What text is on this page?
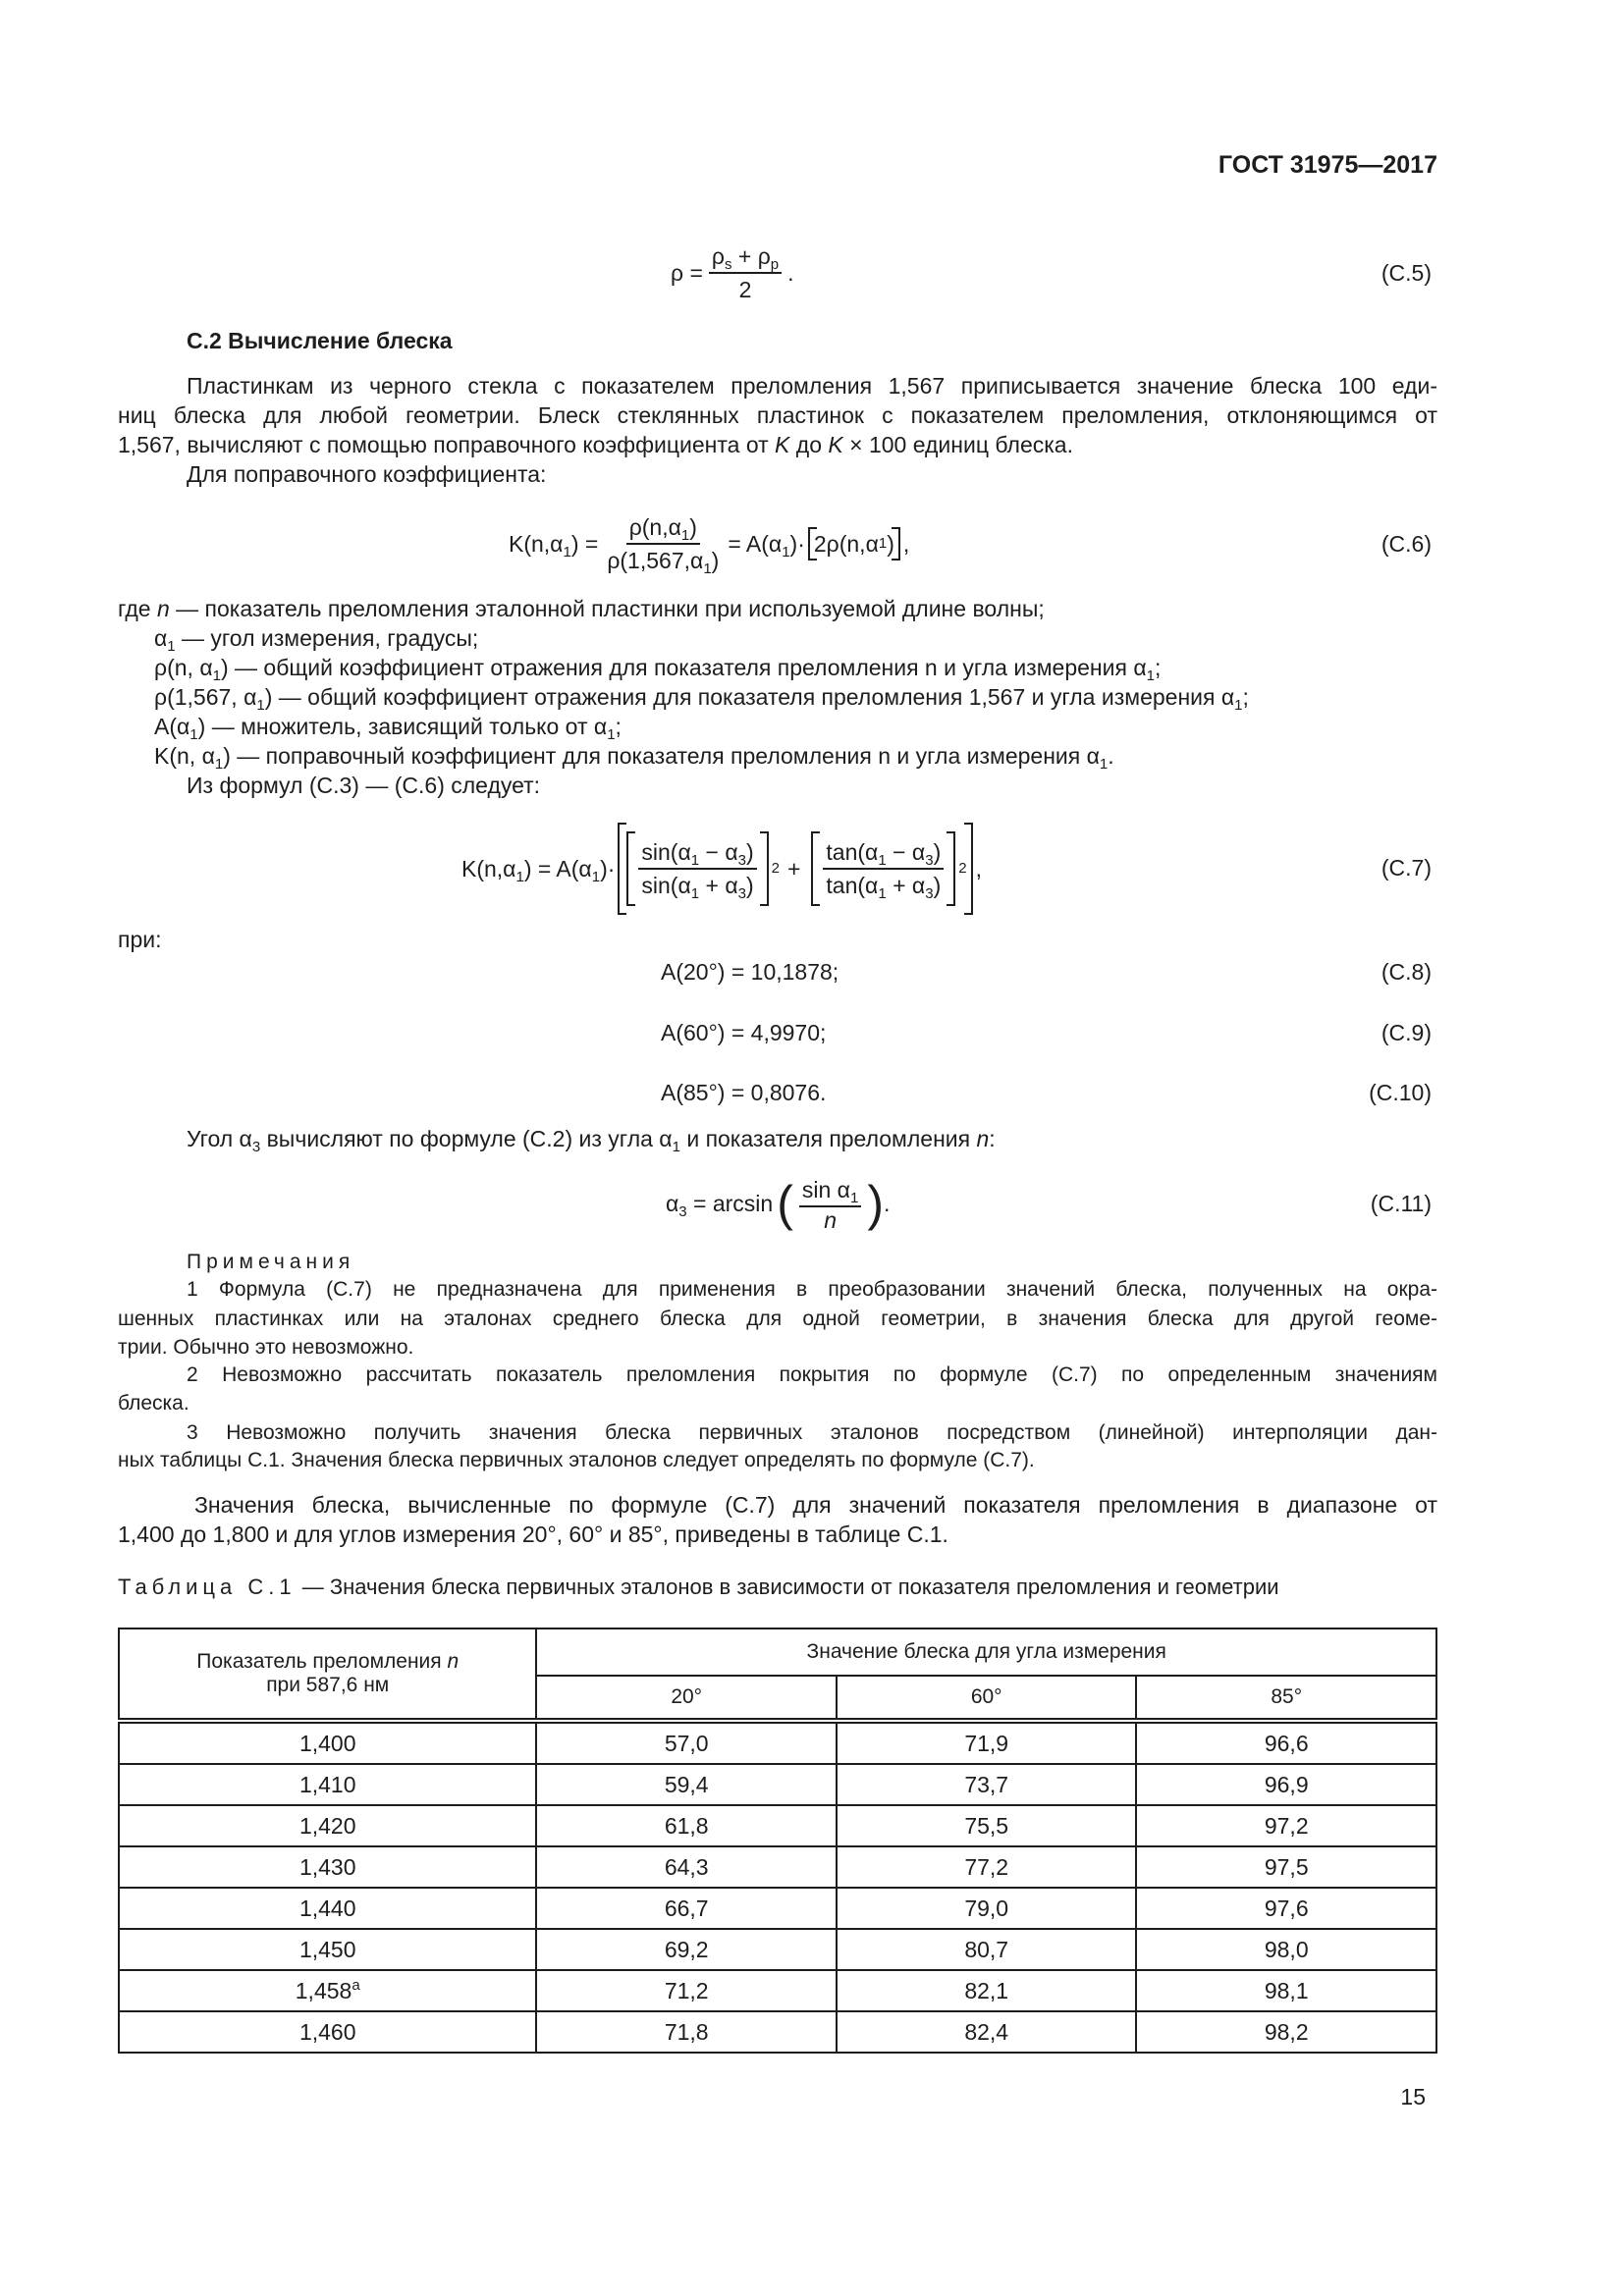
ГОСТ 31975—2017
$\rho = \frac{\rho_s + \rho_p}{2}$ .	(С.5)
С.2 Вычисление блеска
Пластинкам из черного стекла с показателем преломления 1,567 приписывается значение блеска 100 еди-
ниц блеска для любой геометрии. Блеск стеклянных пластинок с показателем преломления, отклоняющимся от
1,567, вычисляют с помощью поправочного коэффициента от K до K × 100 единиц блеска.
Для поправочного коэффициента:
$K(n,\alpha_1) = \frac{\rho(n,\alpha_1)}{\rho(1,567,\alpha_1)} = A(\alpha_1)\cdot 2\rho(n,\alpha$ 1 ) ,	(С.6)
где n — показатель преломления эталонной пластинки при используемой длине волны;
$\alpha_1$ — угол измерения, градусы;
ρ(n, $\alpha_1$) — общий коэффициент отражения для показателя преломления n и угла измерения $\alpha_1$;
ρ(1,567, $\alpha_1$) — общий коэффициент отражения для показателя преломления 1,567 и угла измерения $\alpha_1$;
$A(\alpha_1)$ — множитель, зависящий только от $\alpha_1$;
K(n, $\alpha_1$) — поправочный коэффициент для показателя преломления n и угла измерения $\alpha_1$.
Из формул (С.3) — (С.6) следует:
$K(n,\alpha_1) = A(\alpha_1)\cdot \frac{\sin(\alpha_1 - \alpha_3)}{\sin(\alpha_1 + \alpha_3)} 2 + \frac{\tan(\alpha_1 - \alpha_3)}{\tan(\alpha_1 + \alpha_3)} 2$ ,	(С.7)
при:
A(20°) = 10,1878;	(С.8)
A(60°) = 4,9970;	(С.9)
A(85°) = 0,8076.	(С.10)
Угол $\alpha_3$ вычисляют по формуле (С.2) из угла $\alpha_1$ и показателя преломления n:
$\alpha_3 = \arcsin$ ( $\frac{\sin \alpha_1}{n}$ ) .	(С.11)
Примечания
1 Формула (С.7) не предназначена для применения в преобразовании значений блеска, полученных на окра-
шенных пластинках или на эталонах среднего блеска для одной геометрии, в значения блеска для другой геоме-
трии. Обычно это невозможно.
2 Невозможно рассчитать показатель преломления покрытия по формуле (С.7) по определенным значениям
блеска.
3 Невозможно получить значения блеска первичных эталонов посредством (линейной) интерполяции дан-
ных таблицы С.1. Значения блеска первичных эталонов следует определять по формуле (С.7).
Значения блеска, вычисленные по формуле (С.7) для значений показателя преломления в диапазоне от
1,400 до 1,800 и для углов измерения 20°, 60° и 85°, приведены в таблице С.1.
Таблица С.1 — Значения блеска первичных эталонов в зависимости от показателя преломления и геометрии
Показатель преломления n
при 587,6 нм	Значение блеска для угла измерения		
	20°	60°	85°
1,400	57,0	71,9	96,6
1,410	59,4	73,7	96,9
1,420	61,8	75,5	97,2
1,430	64,3	77,2	97,5
1,440	66,7	79,0	97,6
1,450	69,2	80,7	98,0
1,458$^a$	71,2	82,1	98,1
1,460	71,8	82,4	98,2
15
